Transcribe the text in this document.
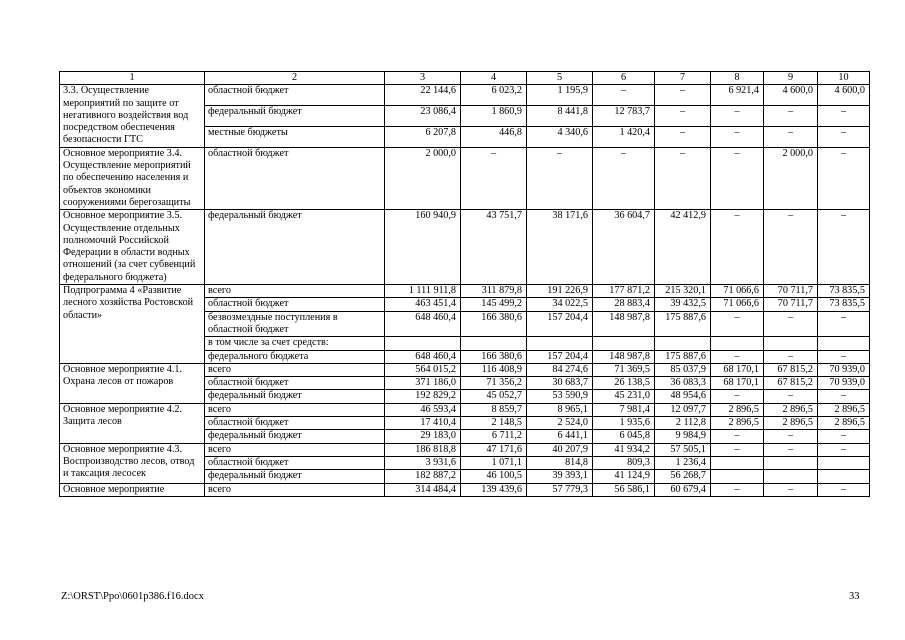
1	2	3	4	5	6	7	8	9	10
3.3. Осуществление мероприятий по защите от негативного воздействия вод посредством обеспечения безопасности ГТС	областной бюджет	22 144,6	6 023,2	1 195,9	–	–	6 921,4	4 600,0	4 600,0
	федеральный бюджет	23 086,4	1 860,9	8 441,8	12 783,7	–	–	–	–
	местные бюджеты	6 207,8	446,8	4 340,6	1 420,4	–	–	–	–
Основное мероприятие 3.4. Осуществление мероприятий по обеспечению населения и объектов экономики сооружениями берегозащиты	областной бюджет	2 000,0	–	–	–	–	–	2 000,0	–
Основное мероприятие 3.5. Осуществление отдельных полномочий Российской Федерации в области водных отношений (за счет субвенций федерального бюджета)	федеральный бюджет	160 940,9	43 751,7	38 171,6	36 604,7	42 412,9	–	–	–
Подпрограмма 4 «Развитие лесного хозяйства Ростовской области»	всего	1 111 911,8	311 879,8	191 226,9	177 871,2	215 320,1	71 066,6	70 711,7	73 835,5
	областной бюджет	463 451,4	145 499,2	34 022,5	28 883,4	39 432,5	71 066,6	70 711,7	73 835,5
	безвозмездные поступления в областной бюджет	648 460,4	166 380,6	157 204,4	148 987,8	175 887,6	–	–	–
	в том числе за счет средств:								
	федерального бюджета	648 460,4	166 380,6	157 204,4	148 987,8	175 887,6	–	–	–
Основное мероприятие 4.1. Охрана лесов от пожаров	всего	564 015,2	116 408,9	84 274,6	71 369,5	85 037,9	68 170,1	67 815,2	70 939,0
	областной бюджет	371 186,0	71 356,2	30 683,7	26 138,5	36 083,3	68 170,1	67 815,2	70 939,0
	федеральный бюджет	192 829,2	45 052,7	53 590,9	45 231,0	48 954,6	–	–	–
Основное мероприятие 4.2. Защита лесов	всего	46 593,4	8 859,7	8 965,1	7 981,4	12 097,7	2 896,5	2 896,5	2 896,5
	областной бюджет	17 410,4	2 148,5	2 524,0	1 935,6	2 112,8	2 896,5	2 896,5	2 896,5
	федеральный бюджет	29 183,0	6 711,2	6 441,1	6 045,8	9 984,9	–	–	–
Основное мероприятие 4.3. Воспроизводство лесов, отвод и таксация лесосек	всего	186 818,8	47 171,6	40 207,9	41 934,2	57 505,1	–	–	–
	областной бюджет	3 931,6	1 071,1	814,8	809,3	1 236,4			
	федеральный бюджет	182 887,2	46 100,5	39 393,1	41 124,9	56 268,7			
Основное мероприятие	всего	314 484,4	139 439,6	57 779,3	56 586,1	60 679,4	–	–	–
Z:\ORST\Ppo\0601p386.f16.docx	33
